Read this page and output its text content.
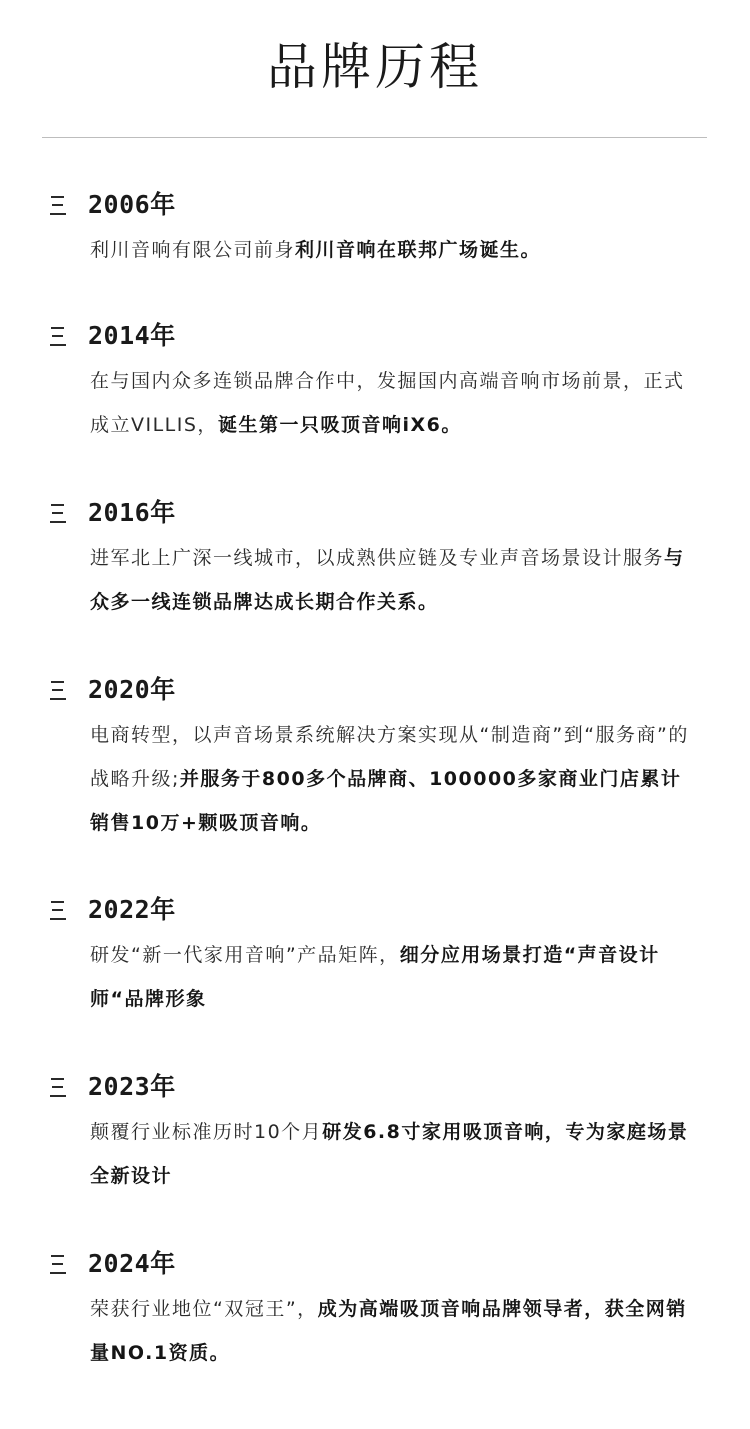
品牌历程
2006年

利川音响有限公司前身利川音响在联邦广场诞生。

2014年

在与国内众多连锁品牌合作中，发掘国内高端音响市场前景，正式成立VILLIS，诞生第一只吸顶音响iX6。

2016年

进军北上广深一线城市，以成熟供应链及专业声音场景设计服务与众多一线连锁品牌达成长期合作关系。

2020年

电商转型，以声音场景系统解决方案实现从“制造商”到“服务商”的战略升级;并服务于800多个品牌商、100000多家商业门店累计销售10万+颗吸顶音响。

2022年

研发“新一代家用音响”产品矩阵，细分应用场景打造“声音设计师“品牌形象

2023年

颠覆行业标准历时10个月研发6.8寸家用吸顶音响，专为家庭场景全新设计

2024年

荣获行业地位“双冠王”，成为高端吸顶音响品牌领导者，获全网销量NO.1资质。
